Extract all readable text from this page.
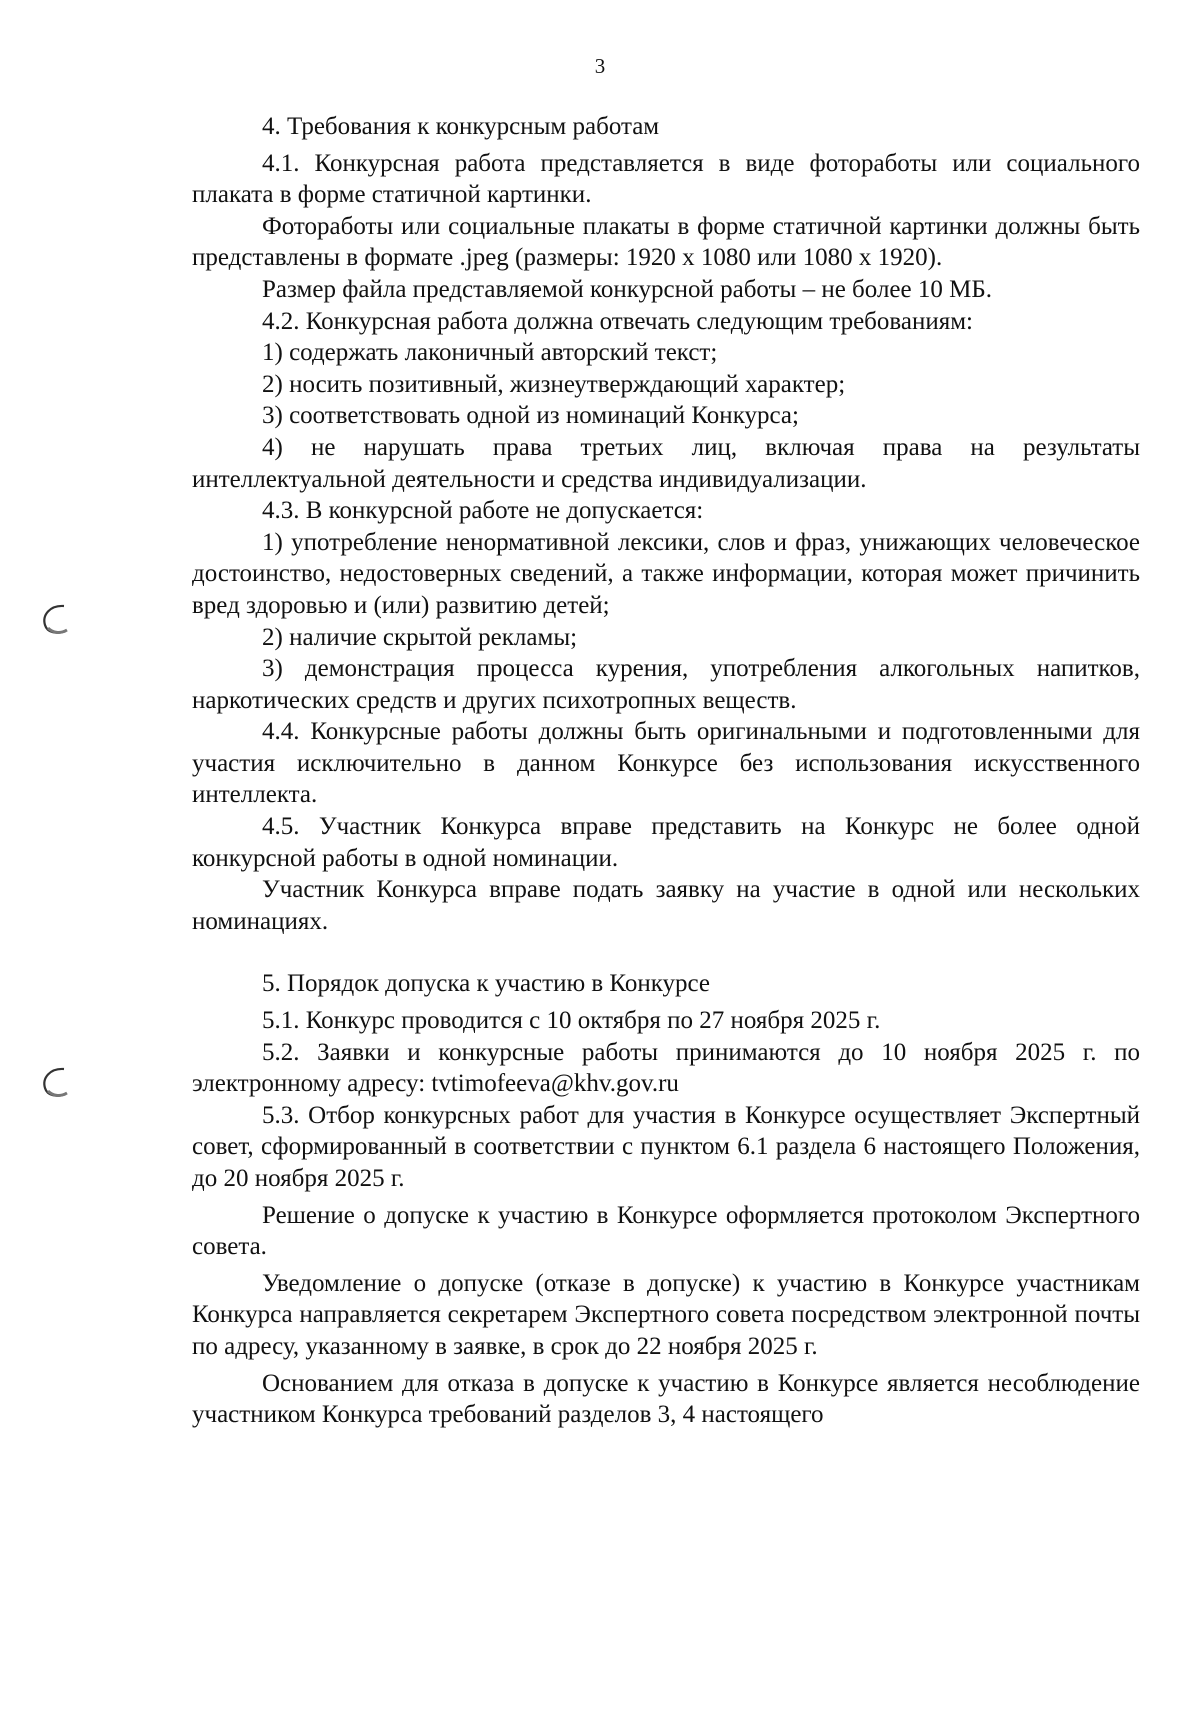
3

4. Требования к конкурсным работам

4.1. Конкурсная работа представляется в виде фотоработы или социального плаката в форме статичной картинки.

Фотоработы или социальные плакаты в форме статичной картинки должны быть представлены в формате .jpeg (размеры: 1920 x 1080 или 1080 x 1920).

Размер файла представляемой конкурсной работы – не более 10 МБ.

4.2. Конкурсная работа должна отвечать следующим требованиям:

1) содержать лаконичный авторский текст;

2) носить позитивный, жизнеутверждающий характер;

3) соответствовать одной из номинаций Конкурса;

4) не нарушать права третьих лиц, включая права на результаты интеллектуальной деятельности и средства индивидуализации.

4.3. В конкурсной работе не допускается:

1) употребление ненормативной лексики, слов и фраз, унижающих человеческое достоинство, недостоверных сведений, а также информации, которая может причинить вред здоровью и (или) развитию детей;

2) наличие скрытой рекламы;

3) демонстрация процесса курения, употребления алкогольных напитков, наркотических средств и других психотропных веществ.

4.4. Конкурсные работы должны быть оригинальными и подготовленными для участия исключительно в данном Конкурсе без использования искусственного интеллекта.

4.5. Участник Конкурса вправе представить на Конкурс не более одной конкурсной работы в одной номинации.

Участник Конкурса вправе подать заявку на участие в одной или нескольких номинациях.

5. Порядок допуска к участию в Конкурсе

5.1. Конкурс проводится с 10 октября по 27 ноября 2025 г.

5.2. Заявки и конкурсные работы принимаются до 10 ноября 2025 г. по электронному адресу: tvtimofeeva@khv.gov.ru

5.3. Отбор конкурсных работ для участия в Конкурсе осуществляет Экспертный совет, сформированный в соответствии с пунктом 6.1 раздела 6 настоящего Положения, до 20 ноября 2025 г.

Решение о допуске к участию в Конкурсе оформляется протоколом Экспертного совета.

Уведомление о допуске (отказе в допуске) к участию в Конкурсе участникам Конкурса направляется секретарем Экспертного совета посредством электронной почты по адресу, указанному в заявке, в срок до 22 ноября 2025 г.

Основанием для отказа в допуске к участию в Конкурсе является несоблюдение участником Конкурса требований разделов 3, 4 настоящего
